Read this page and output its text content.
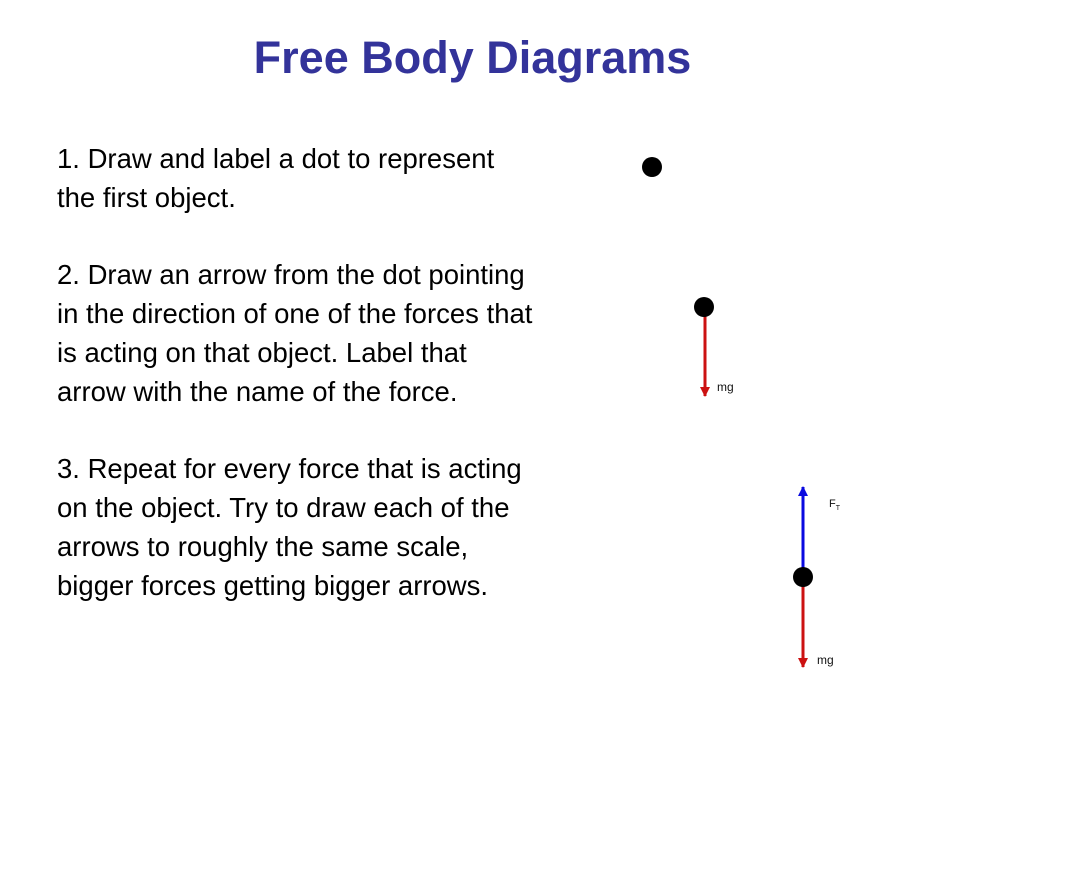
Free Body Diagrams

1. Draw and label a dot to represent the first object.

2. Draw an arrow from the dot pointing in the direction of one of the forces that is acting on that object. Label that arrow with the name of the force.

3. Repeat for every force that is acting on the object. Try to draw each of the arrows to roughly the same scale, bigger forces getting bigger arrows.

mg
$F_T$
mg
